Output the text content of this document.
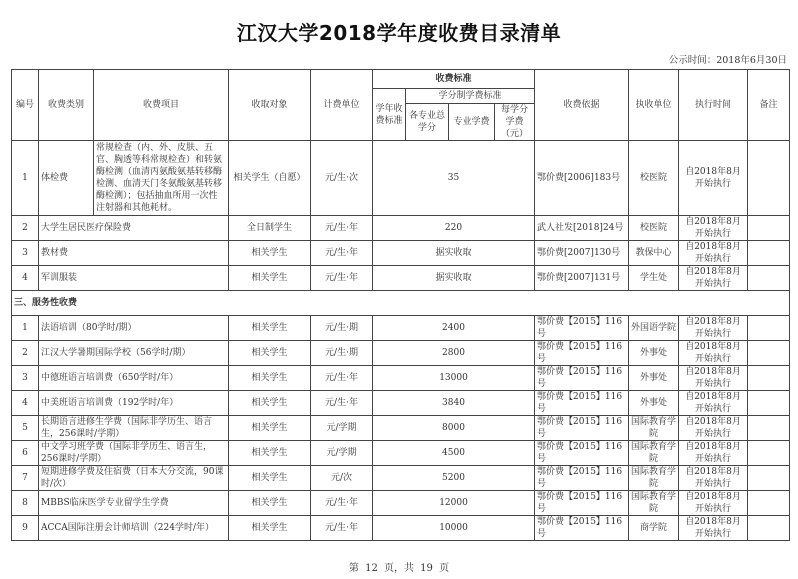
江汉大学2018学年度收费目录清单
公示时间：2018年6月30日
编号	收费类别	收费项目	收取对象	计费单位	收费标准				收费依据	执收单位	执行时间	备注
					学年收费标准	学分制学费标准						
						各专业总学分	专业学费	每学分学费（元）				
1	体检费	常规检查（内、外、皮肤、五官、胸透等科常规检查）和转氨酶检测（血清丙氨酸氨基转移酶检测、血清天门冬氨酸氨基转移酶检测）；包括抽血所用一次性注射器和其他耗材。	相关学生（自愿）	元/生·次	35				鄂价费[2006]183号	校医院	自2018年8月开始执行	
2	大学生居民医疗保险费		全日制学生	元/生·年	220				武人社发[2018]24号	校医院	自2018年8月开始执行	
3	教材费		相关学生	元/生·年	据实收取				鄂价费[2007]130号	教保中心	自2018年8月开始执行	
4	军训服装		相关学生	元/生·年	据实收取				鄂价费[2007]131号	学生处	自2018年8月开始执行	
三、服务性收费												
1	法语培训（80学时/期）		相关学生	元/生·期	2400				鄂价费【2015】116号	外国语学院	自2018年8月开始执行	
2	江汉大学暑期国际学校（56学时/期）		相关学生	元/生·期	2800				鄂价费【2015】116号	外事处	自2018年8月开始执行	
3	中德班语言培训费（650学时/年）		相关学生	元/生·年	13000				鄂价费【2015】116号	外事处	自2018年8月开始执行	
4	中美班语言培训费（192学时/年）		相关学生	元/生·年	3840				鄂价费【2015】116号	外事处	自2018年8月开始执行	
5	长期语言进修生学费（国际非学历生、语言生，256课时/学期）		相关学生	元/学期	8000				鄂价费【2015】116号	国际教育学院	自2018年8月开始执行	
6	中文学习班学费（国际非学历生、语言生，256课时/学期）		相关学生	元/学期	4500				鄂价费【2015】116号	国际教育学院	自2018年8月开始执行	
7	短期进修学费及住宿费（日本大分交流，90课时/次）		相关学生	元/次	5200				鄂价费【2015】116号	国际教育学院	自2018年8月开始执行	
8	MBBS临床医学专业留学生学费		相关学生	元/生·年	12000				鄂价费【2015】116号	国际教育学院	自2018年8月开始执行	
9	ACCA国际注册会计师培训（224学时/年）		相关学生	元/生·年	10000				鄂价费【2015】116号	商学院	自2018年8月开始执行	
第 12 页，共 19 页
